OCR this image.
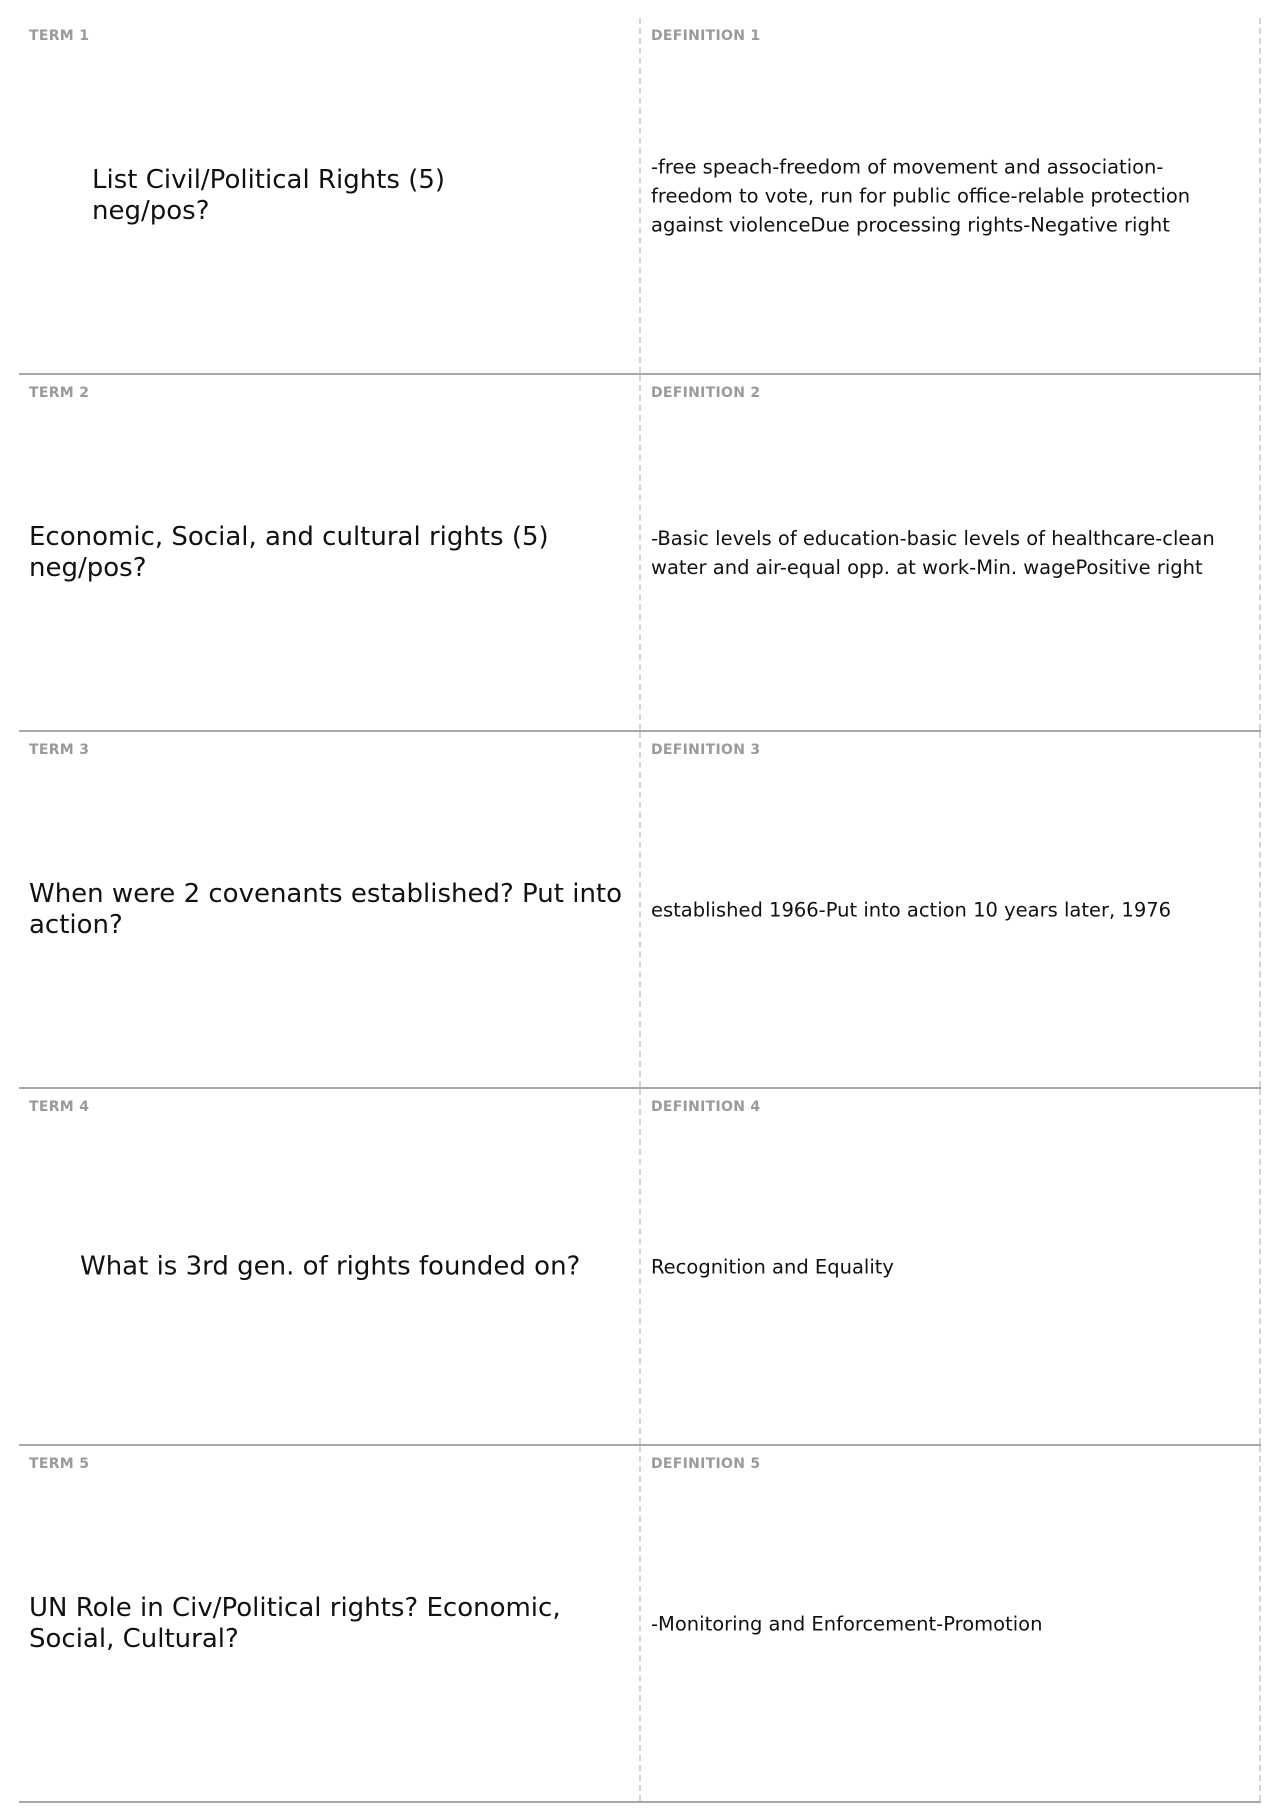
TERM 1
List Civil/Political Rights (5) neg/pos?
DEFINITION 1
-free speach-freedom of movement and association-freedom to vote, run for public office-relable protection against violenceDue processing rights-Negative right
TERM 2
Economic, Social, and cultural rights (5) neg/pos?
DEFINITION 2
-Basic levels of education-basic levels of healthcare-clean water and air-equal opp. at work-Min. wagePositive right
TERM 3
When were 2 covenants established? Put into action?
DEFINITION 3
established 1966-Put into action 10 years later, 1976
TERM 4
What is 3rd gen. of rights founded on?
DEFINITION 4
Recognition and Equality
TERM 5
UN Role in Civ/Political rights? Economic, Social, Cultural?
DEFINITION 5
-Monitoring and Enforcement-Promotion
